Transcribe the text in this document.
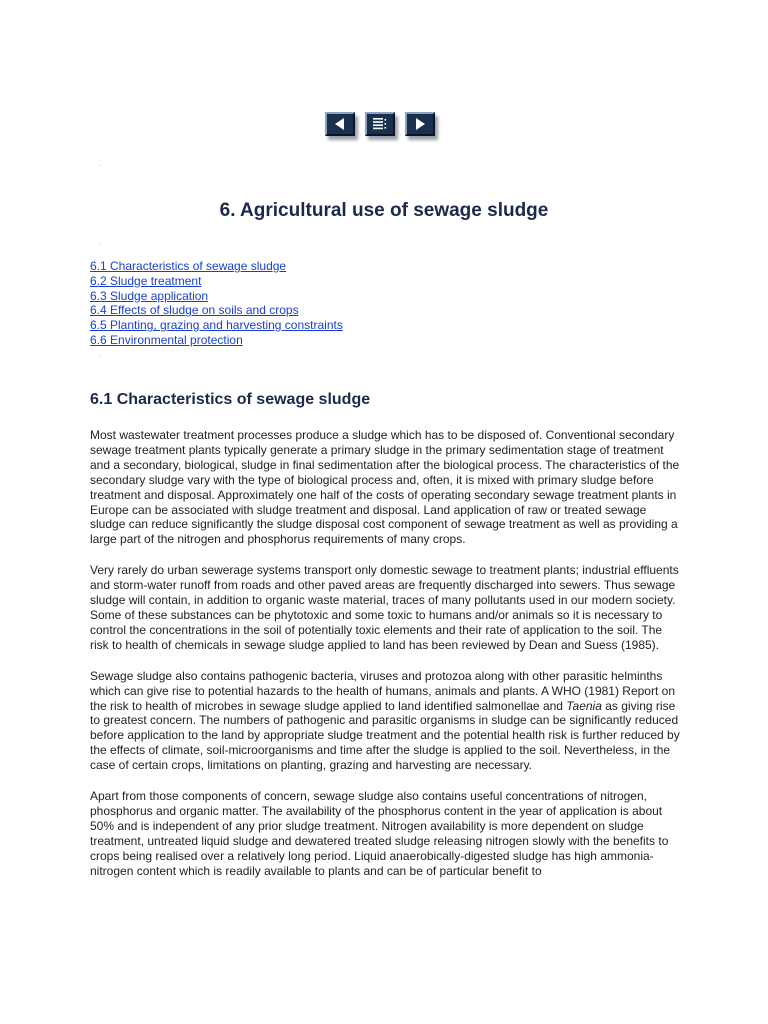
6. Agricultural use of sewage sludge
6.1 Characteristics of sewage sludge
6.2 Sludge treatment
6.3 Sludge application
6.4 Effects of sludge on soils and crops
6.5 Planting, grazing and harvesting constraints
6.6 Environmental protection
6.1 Characteristics of sewage sludge

Most wastewater treatment processes produce a sludge which has to be disposed of. Conventional secondary sewage treatment plants typically generate a primary sludge in the primary sedimentation stage of treatment and a secondary, biological, sludge in final sedimentation after the biological process. The characteristics of the secondary sludge vary with the type of biological process and, often, it is mixed with primary sludge before treatment and disposal. Approximately one half of the costs of operating secondary sewage treatment plants in Europe can be associated with sludge treatment and disposal. Land application of raw or treated sewage sludge can reduce significantly the sludge disposal cost component of sewage treatment as well as providing a large part of the nitrogen and phosphorus requirements of many crops.

Very rarely do urban sewerage systems transport only domestic sewage to treatment plants; industrial effluents and storm-water runoff from roads and other paved areas are frequently discharged into sewers. Thus sewage sludge will contain, in addition to organic waste material, traces of many pollutants used in our modern society. Some of these substances can be phytotoxic and some toxic to humans and/or animals so it is necessary to control the concentrations in the soil of potentially toxic elements and their rate of application to the soil. The risk to health of chemicals in sewage sludge applied to land has been reviewed by Dean and Suess (1985).

Sewage sludge also contains pathogenic bacteria, viruses and protozoa along with other parasitic helminths which can give rise to potential hazards to the health of humans, animals and plants. A WHO (1981) Report on the risk to health of microbes in sewage sludge applied to land identified salmonellae and Taenia as giving rise to greatest concern. The numbers of pathogenic and parasitic organisms in sludge can be significantly reduced before application to the land by appropriate sludge treatment and the potential health risk is further reduced by the effects of climate, soil-microorganisms and time after the sludge is applied to the soil. Nevertheless, in the case of certain crops, limitations on planting, grazing and harvesting are necessary.

Apart from those components of concern, sewage sludge also contains useful concentrations of nitrogen, phosphorus and organic matter. The availability of the phosphorus content in the year of application is about 50% and is independent of any prior sludge treatment. Nitrogen availability is more dependent on sludge treatment, untreated liquid sludge and dewatered treated sludge releasing nitrogen slowly with the benefits to crops being realised over a relatively long period. Liquid anaerobically-digested sludge has high ammonia-nitrogen content which is readily available to plants and can be of particular benefit to
